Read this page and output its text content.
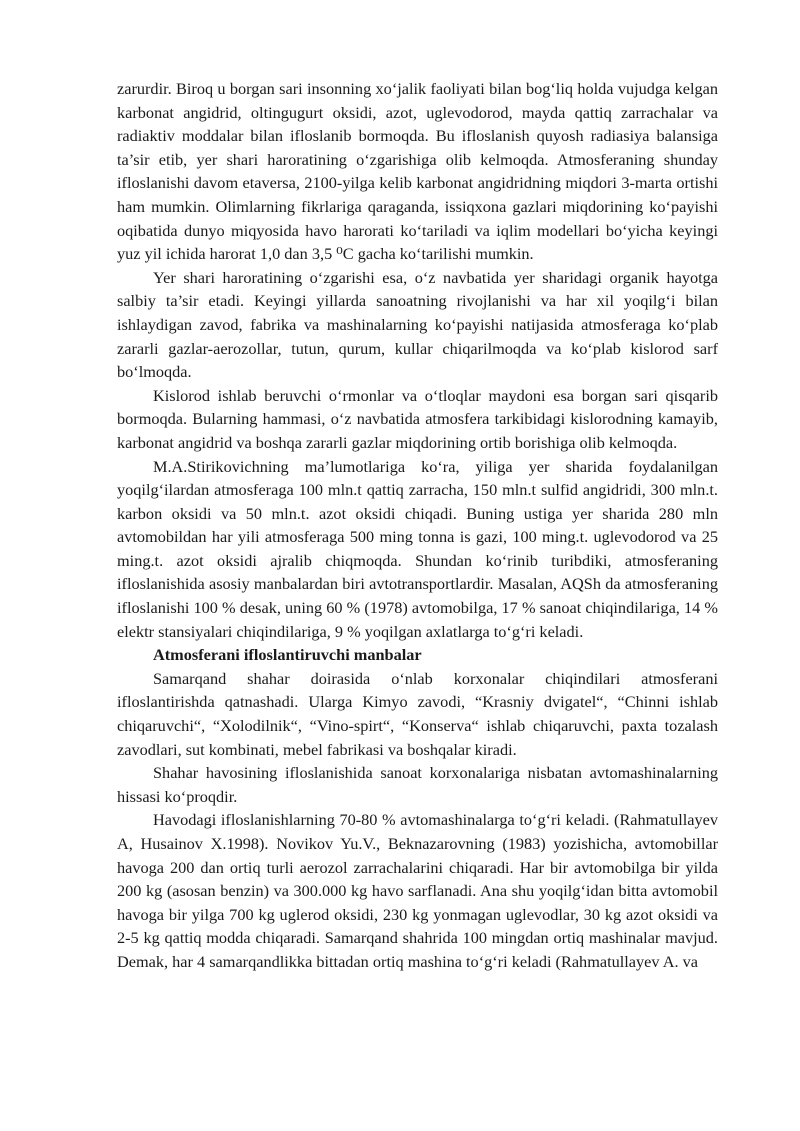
zarurdir. Biroq u borgan sari insonning xo‘jalik faoliyati bilan bog‘liq holda vujudga kelgan karbonat angidrid, oltingugurt oksidi, azot, uglevodorod, mayda qattiq zarrachalar va radiaktiv moddalar bilan ifloslanib bormoqda. Bu ifloslanish quyosh radiasiya balansiga ta’sir etib, yer shari haroratining o‘zgarishiga olib kelmoqda. Atmosferaning shunday ifloslanishi davom etaversa, 2100-yilga kelib karbonat angidridning miqdori 3-marta ortishi ham mumkin. Olimlarning fikrlariga qaraganda, issiqxona gazlari miqdorining ko‘payishi oqibatida dunyo miqyosida havo harorati ko‘tariladi va iqlim modellari bo‘yicha keyingi yuz yil ichida harorat 1,0 dan 3,5 ⁰C gacha ko‘tarilishi mumkin.

Yer shari haroratining o‘zgarishi esa, o‘z navbatida yer sharidagi organik hayotga salbiy ta’sir etadi. Keyingi yillarda sanoatning rivojlanishi va har xil yoqilg‘i bilan ishlaydigan zavod, fabrika va mashinalarning ko‘payishi natijasida atmosferaga ko‘plab zararli gazlar-aerozollar, tutun, qurum, kullar chiqarilmoqda va ko‘plab kislorod sarf bo‘lmoqda.

Kislorod ishlab beruvchi o‘rmonlar va o‘tloqlar maydoni esa borgan sari qisqarib bormoqda. Bularning hammasi, o‘z navbatida atmosfera tarkibidagi kislorodning kamayib, karbonat angidrid va boshqa zararli gazlar miqdorining ortib borishiga olib kelmoqda.

M.A.Stirikovichning ma’lumotlariga ko‘ra, yiliga yer sharida foydalanilgan yoqilg‘ilardan atmosferaga 100 mln.t qattiq zarracha, 150 mln.t sulfid angidridi, 300 mln.t. karbon oksidi va 50 mln.t. azot oksidi chiqadi. Buning ustiga yer sharida 280 mln avtomobildan har yili atmosferaga 500 ming tonna is gazi, 100 ming.t. uglevodorod va 25 ming.t. azot oksidi ajralib chiqmoqda. Shundan ko‘rinib turibdiki, atmosferaning ifloslanishida asosiy manbalardan biri avtotransportlardir. Masalan, AQSh da atmosferaning ifloslanishi 100 % desak, uning 60 % (1978) avtomobilga, 17 % sanoat chiqindilariga, 14 % elektr stansiyalari chiqindilariga, 9 % yoqilgan axlatlarga to‘g‘ri keladi.

Atmosferani ifloslantiruvchi manbalar

Samarqand shahar doirasida o‘nlab korxonalar chiqindilari atmosferani ifloslantirishda qatnashadi. Ularga Kimyo zavodi, “Krasniy dvigatel“, “Chinni ishlab chiqaruvchi“, “Xolodilnik“, “Vino-spirt“, “Konserva“ ishlab chiqaruvchi, paxta tozalash zavodlari, sut kombinati, mebel fabrikasi va boshqalar kiradi.

Shahar havosining ifloslanishida sanoat korxonalariga nisbatan avtomashinalarning hissasi ko‘proqdir.

Havodagi ifloslanishlarning 70-80 % avtomashinalarga to‘g‘ri keladi. (Rahmatullayev A, Husainov X.1998). Novikov Yu.V., Beknazarovning (1983) yozishicha, avtomobillar havoga 200 dan ortiq turli aerozol zarrachalarini chiqaradi. Har bir avtomobilga bir yilda 200 kg (asosan benzin) va 300.000 kg havo sarflanadi. Ana shu yoqilg‘idan bitta avtomobil havoga bir yilga 700 kg uglerod oksidi, 230 kg yonmagan uglevodlar, 30 kg azot oksidi va 2-5 kg qattiq modda chiqaradi. Samarqand shahrida 100 mingdan ortiq mashinalar mavjud. Demak, har 4 samarqandlikka bittadan ortiq mashina to‘g‘ri keladi (Rahmatullayev A. va
